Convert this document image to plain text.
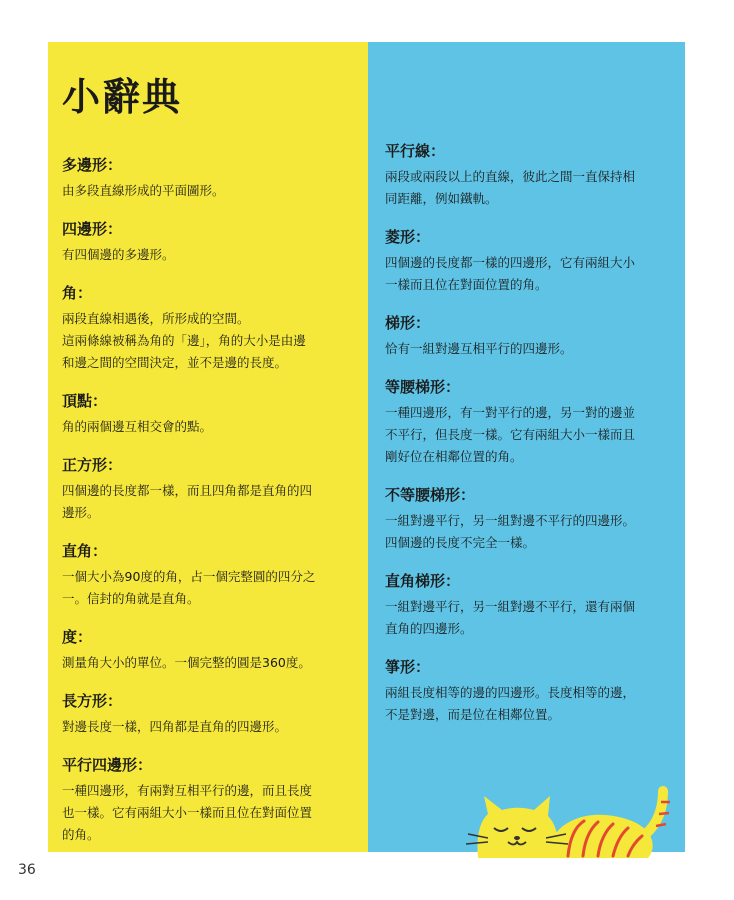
小辭典
多邊形：
由多段直線形成的平面圖形。
四邊形：
有四個邊的多邊形。
角：
兩段直線相遇後，所形成的空間。
這兩條線被稱為角的「邊」，角的大小是由邊
和邊之間的空間決定，並不是邊的長度。
頂點：
角的兩個邊互相交會的點。
正方形：
四個邊的長度都一樣，而且四角都是直角的四
邊形。
直角：
一個大小為90度的角，占一個完整圓的四分之
一。信封的角就是直角。
度：
測量角大小的單位。一個完整的圓是360度。
長方形：
對邊長度一樣，四角都是直角的四邊形。
平行四邊形：
一種四邊形，有兩對互相平行的邊，而且長度
也一樣。它有兩組大小一樣而且位在對面位置
的角。
平行線：
兩段或兩段以上的直線，彼此之間一直保持相
同距離，例如鐵軌。
菱形：
四個邊的長度都一樣的四邊形，它有兩組大小
一樣而且位在對面位置的角。
梯形：
恰有一組對邊互相平行的四邊形。
等腰梯形：
一種四邊形，有一對平行的邊，另一對的邊並
不平行，但長度一樣。它有兩組大小一樣而且
剛好位在相鄰位置的角。
不等腰梯形：
一組對邊平行，另一組對邊不平行的四邊形。
四個邊的長度不完全一樣。
直角梯形：
一組對邊平行，另一組對邊不平行，還有兩個
直角的四邊形。
箏形：
兩組長度相等的邊的四邊形。長度相等的邊，
不是對邊，而是位在相鄰位置。
36
